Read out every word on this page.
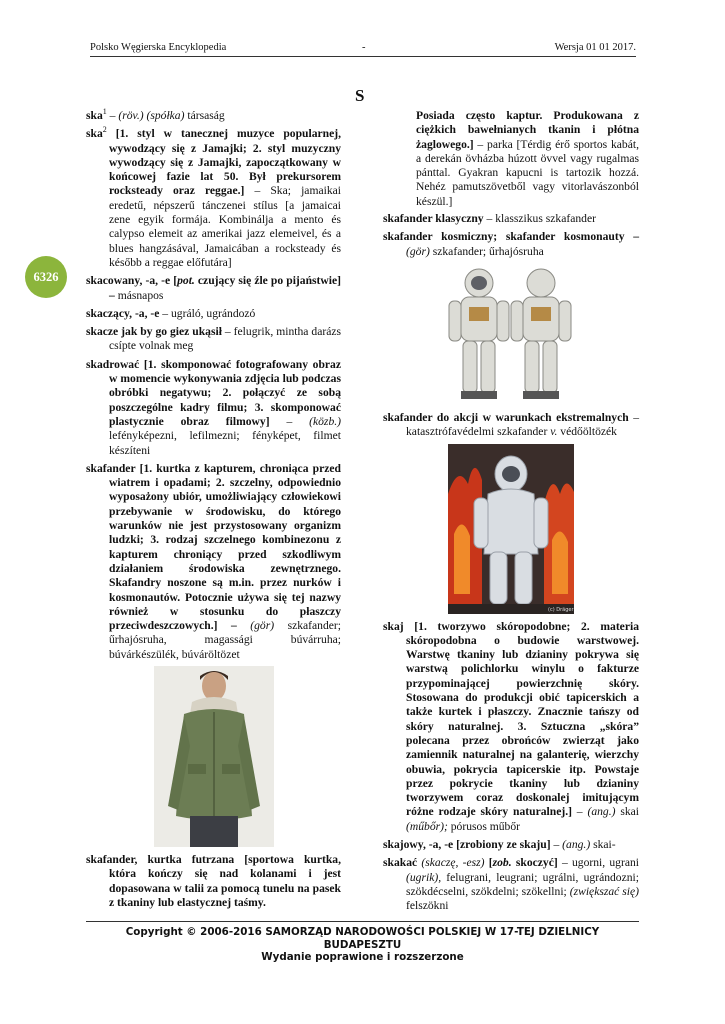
Polsko Węgierska Encyklopedia	-	Wersja 01 01 2017.
S
6326

ska$^1$ – (röv.) (spółka) társaság

ska$^2$ [1. styl w tanecznej muzyce popularnej, wywodzący się z Jamajki; 2. styl muzyczny wywodzący się z Jamajki, zapoczątkowany w końcowej fazie lat 50. Był prekursorem rocksteady oraz reggae.] – Ska; jamaikai eredetű, népszerű tánczenei stílus [a jamaicai zene egyik formája. Kombinálja a mento és calypso elemeit az amerikai jazz elemeivel, és a blues hangzásával, Jamaicában a rocksteady és később a reggae előfutára]

skacowany, -a, -e [pot. czujący się źle po pijaństwie] – másnapos

skaczący, -a, -e – ugráló, ugrándozó

skacze jak by go giez ukąsił – felugrik, mintha darázs csípte volnak meg

skadrować [1. skomponować fotografowany obraz w momencie wykonywania zdjęcia lub podczas obróbki negatywu; 2. połączyć ze sobą poszczególne kadry filmu; 3. skomponować plastycznie obraz filmowy] – (közb.) lefényképezni, lefilmezni; fényképet, filmet készíteni

skafander [1. kurtka z kapturem, chroniąca przed wiatrem i opadami; 2. szczelny, odpowiednio wyposażony ubiór, umożliwiający człowiekowi przebywanie w środowisku, do którego warunków nie jest przystosowany organizm ludzki; 3. rodzaj szczelnego kombinezonu z kapturem chroniący przed szkodliwym działaniem środowiska zewnętrznego. Skafandry noszone są m.in. przez nurków i kosmonautów. Potocznie używa się tej nazwy również w stosunku do płaszczy przeciwdeszczowych.] – (gör) szkafander; űrhajósruha, magassági búvárruha; búvárkészülék, búváröltözet

skafander, kurtka futrzana [sportowa kurtka, która kończy się nad kolanami i jest dopasowana w talii za pomocą tunelu na pasek z tkaniny lub elastycznej taśmy.

Posiada często kaptur. Produkowana z ciężkich bawełnianych tkanin i płótna żaglowego.] – parka [Térdig érő sportos kabát, a derekán övházba húzott övvel vagy rugalmas pánttal. Gyakran kapucni is tartozik hozzá. Nehéz pamutszövetből vagy vitorlavászonból készül.]

skafander klasyczny – klasszikus szkafander

skafander kosmiczny; skafander kosmonauty – (gör) szkafander; űrhajósruha

skafander do akcji w warunkach ekstremalnych – katasztrófavédelmi szkafander v. védőöltözék

(c) Dräger

skaj [1. tworzywo skóropodobne; 2. materia skóropodobna o budowie warstwowej. Warstwę tkaniny lub dzianiny pokrywa się warstwą polichlorku winylu o fakturze przypominającej powierzchnię skóry. Stosowana do produkcji obić tapicerskich a także kurtek i płaszczy. Znacznie tańszy od skóry naturalnej. 3. Sztuczna „skóra” polecana przez obrońców zwierząt jako zamiennik naturalnej na galanterię, wierzchy obuwia, pokrycia tapicerskie itp. Powstaje przez pokrycie tkaniny lub dzianiny tworzywem coraz doskonalej imitującym różne rodzaje skóry naturalnej.] – (ang.) skai (műbőr); pórusos műbőr

skajowy, -a, -e [zrobiony ze skaju] – (ang.) skai-

skakać (skaczę, -esz) [zob. skoczyć] – ugorni, ugrani (ugrik), felugrani, leugrani; ugrálni, ugrándozni; szökdécselni, szökdelni; szökellni; (zwiększać się) felszökni

Copyright © 2006-2016 SAMORZĄD NARODOWOŚCI POLSKIEJ W 17-TEJ DZIELNICY BUDAPESZTU
Wydanie poprawione i rozszerzone
